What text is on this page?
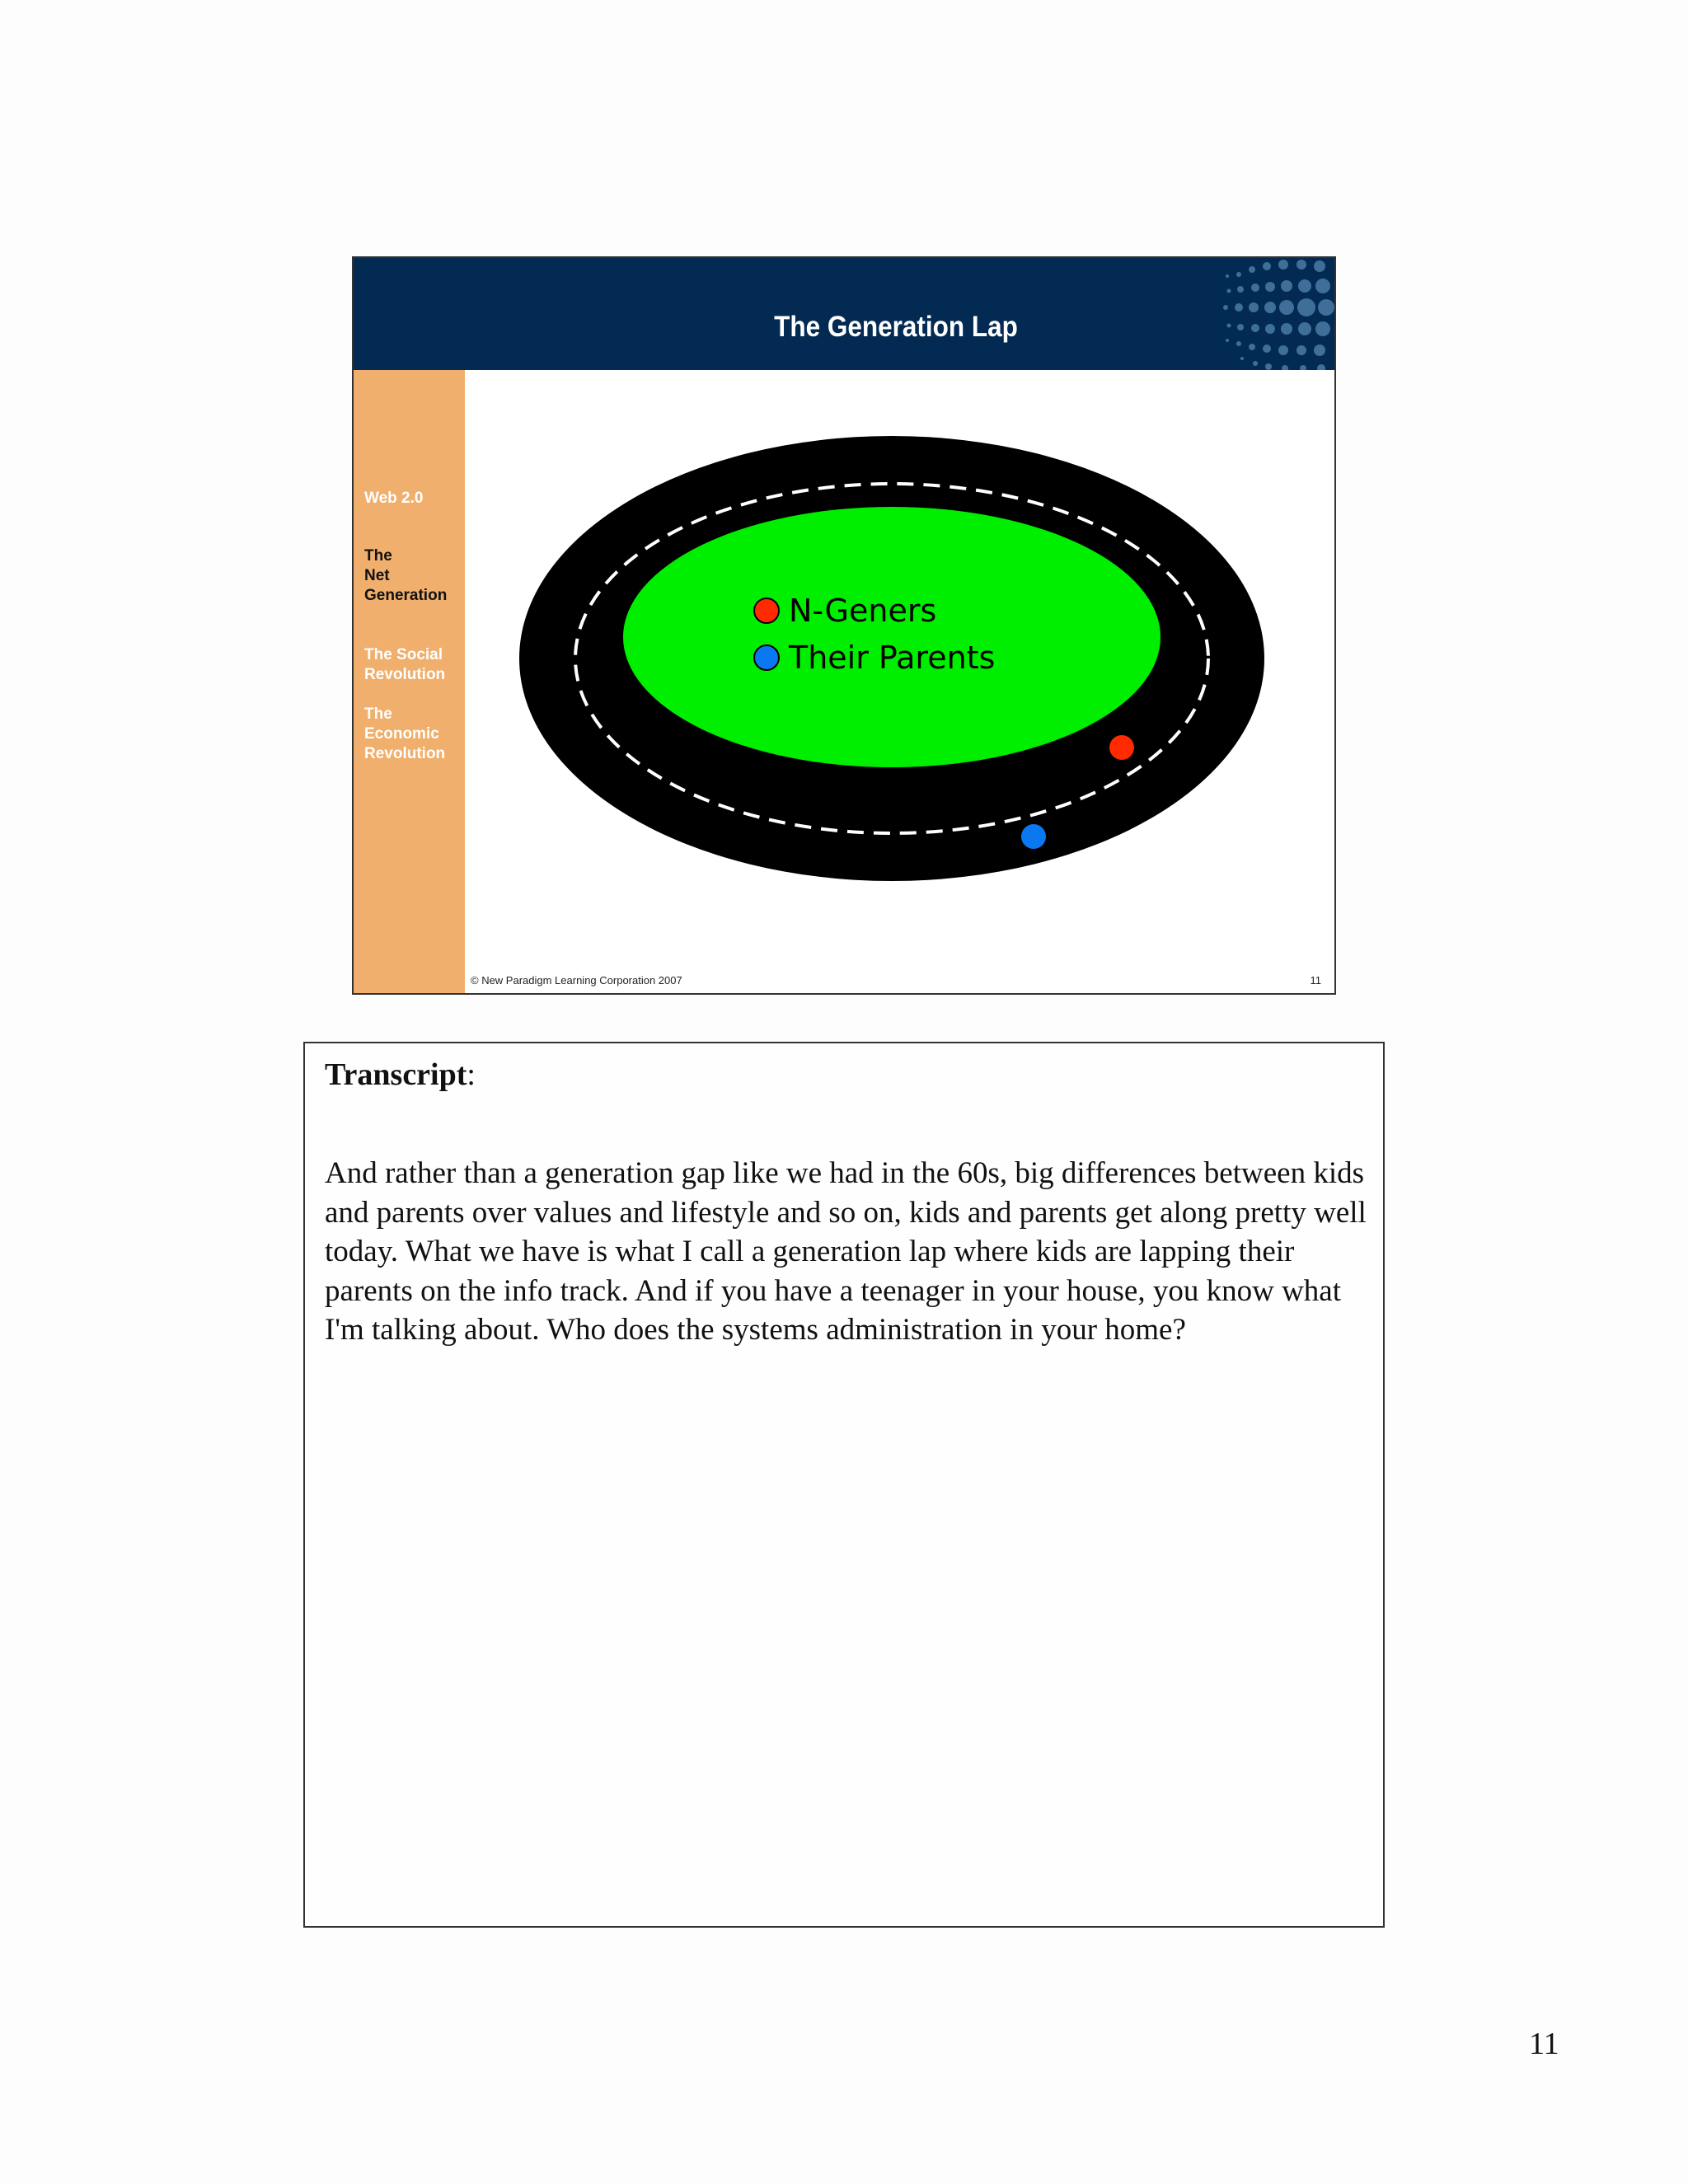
The Generation Lap
Web 2.0
The
Net
Generation
The Social
Revolution
The
Economic
Revolution
N-Geners
Their Parents
© New Paradigm Learning Corporation 2007	11
Transcript:
And rather than a generation gap like we had in the 60s, big differences between kids and parents over values and lifestyle and so on, kids and parents get along pretty well today. What we have is what I call a generation lap where kids are lapping their parents on the info track. And if you have a teenager in your house, you know what I'm talking about. Who does the systems administration in your home?
11
